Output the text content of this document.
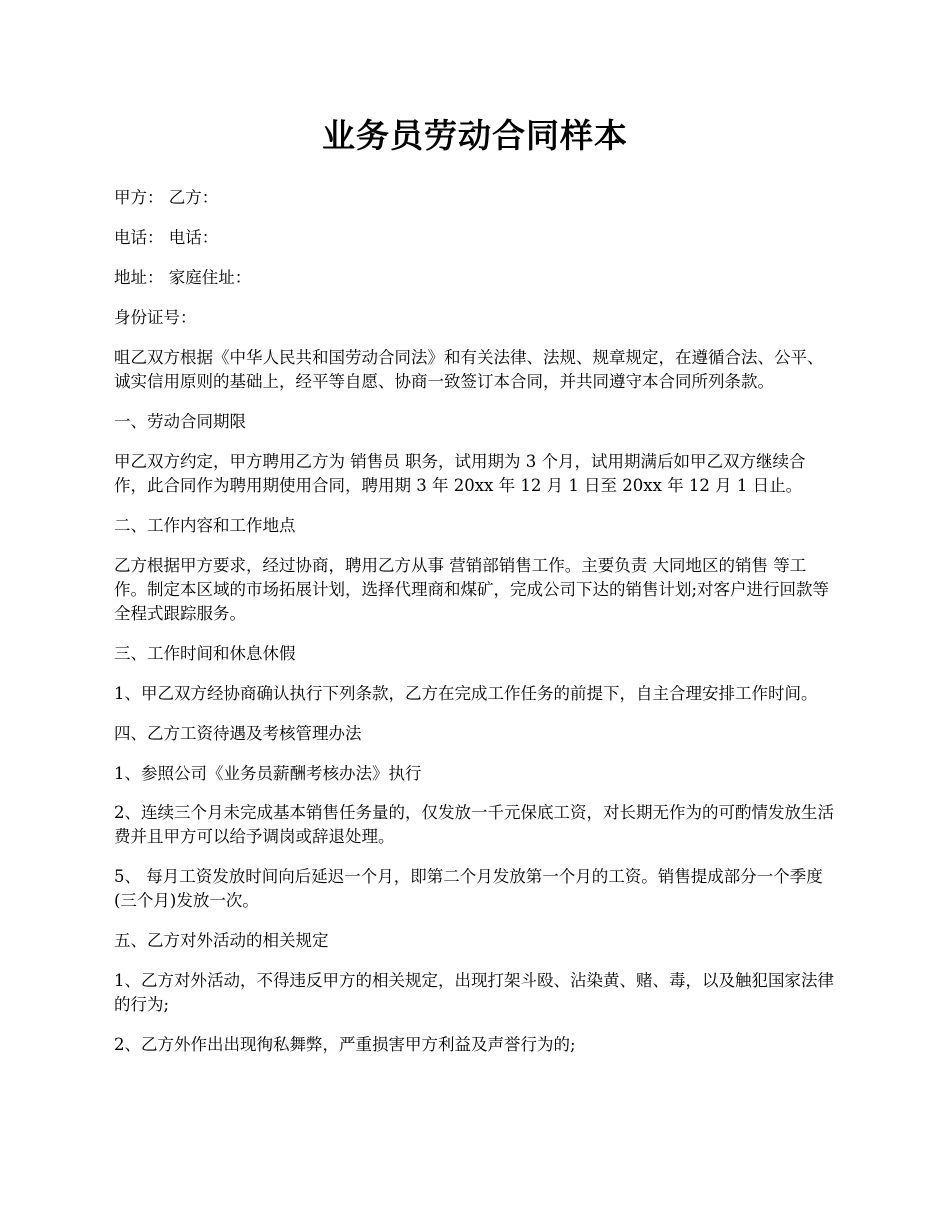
业务员劳动合同样本

甲方： 乙方：

电话： 电话：

地址： 家庭住址：

身份证号：

咀乙双方根据《中华人民共和国劳动合同法》和有关法律、法规、规章规定，在遵循合法、公平、诚实信用原则的基础上，经平等自愿、协商一致签订本合同，并共同遵守本合同所列条款。

一、劳动合同期限

甲乙双方约定，甲方聘用乙方为 销售员 职务，试用期为 3 个月，试用期满后如甲乙双方继续合作，此合同作为聘用期使用合同，聘用期 3 年 20xx 年 12 月 1 日至 20xx 年 12 月 1 日止。

二、工作内容和工作地点

乙方根据甲方要求，经过协商，聘用乙方从事 营销部销售工作。主要负责 大同地区的销售 等工作。制定本区域的市场拓展计划，选择代理商和煤矿，完成公司下达的销售计划;对客户进行回款等全程式跟踪服务。

三、工作时间和休息休假

1、甲乙双方经协商确认执行下列条款，乙方在完成工作任务的前提下，自主合理安排工作时间。

四、乙方工资待遇及考核管理办法

1、参照公司《业务员薪酬考核办法》执行

2、连续三个月未完成基本销售任务量的，仅发放一千元保底工资，对长期无作为的可酌情发放生活费并且甲方可以给予调岗或辞退处理。

5、 每月工资发放时间向后延迟一个月，即第二个月发放第一个月的工资。销售提成部分一个季度(三个月)发放一次。

五、乙方对外活动的相关规定

1、乙方对外活动，不得违反甲方的相关规定，出现打架斗殴、沾染黄、赌、毒，以及触犯国家法律的行为;

2、乙方外作出出现徇私舞弊，严重损害甲方利益及声誉行为的;
